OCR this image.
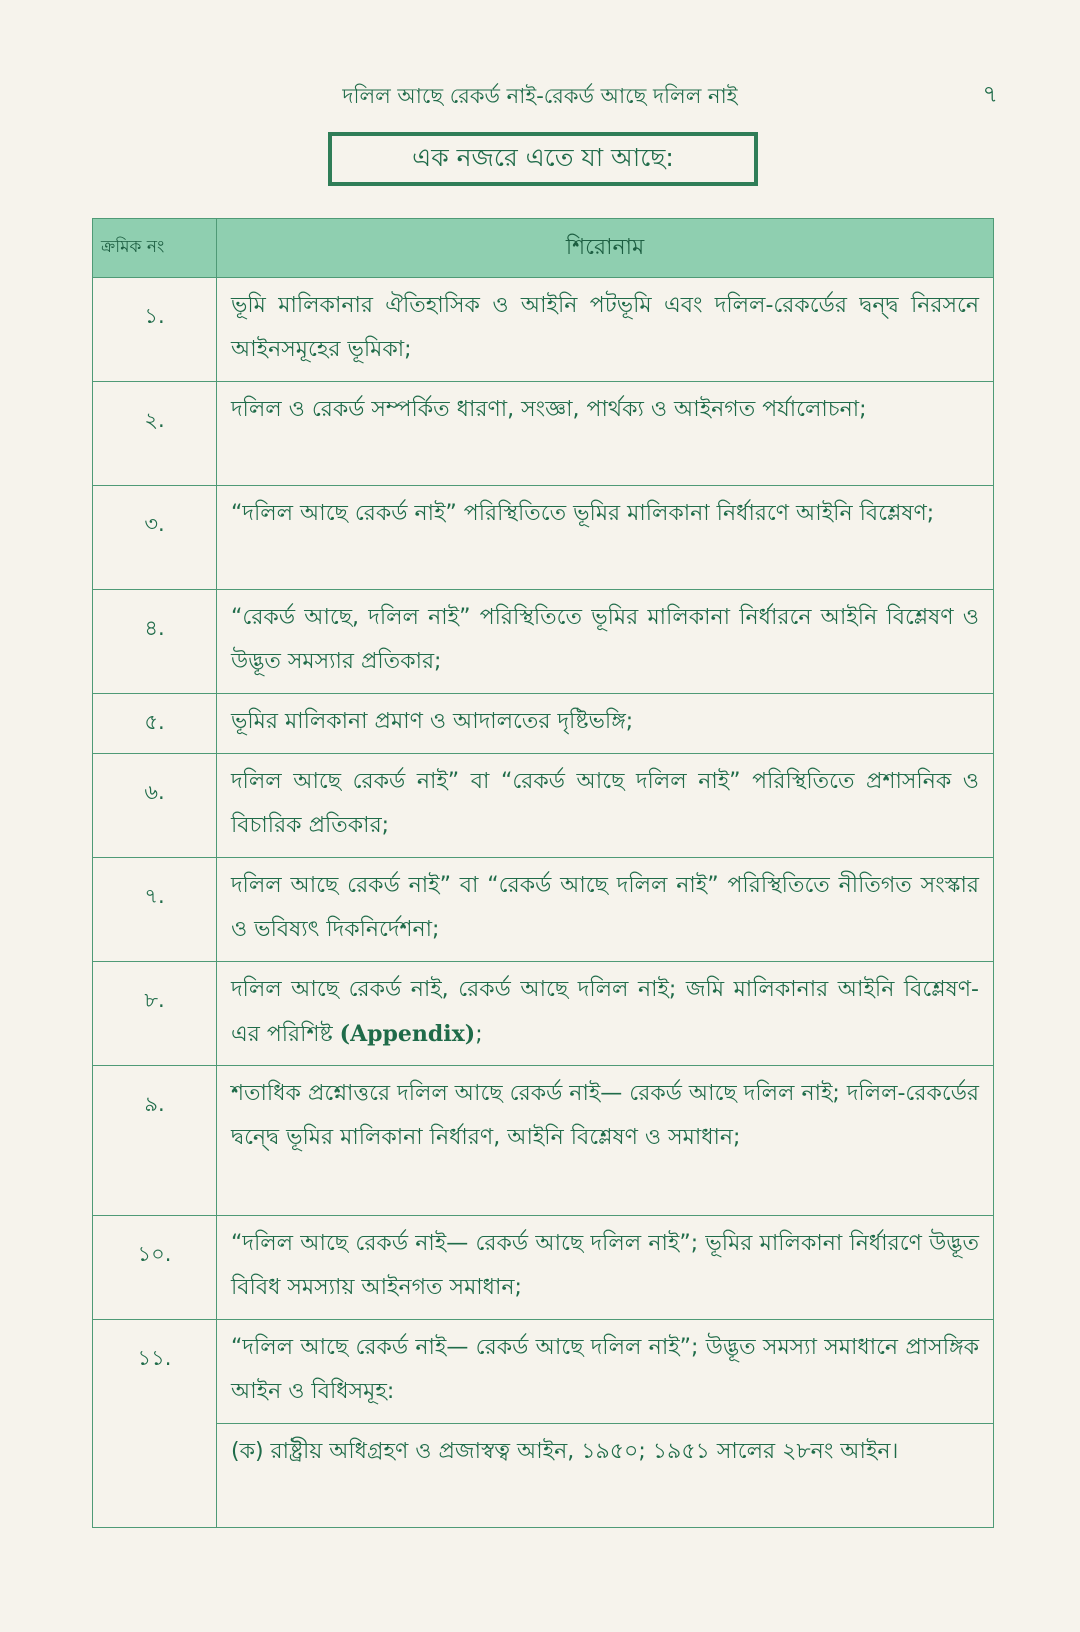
দলিল আছে রেকর্ড নাই-রেকর্ড আছে দলিল নাই	৭
এক নজরে এতে যা আছে:
ক্রমিক নং	শিরোনাম
১.	ভূমি মালিকানার ঐতিহাসিক ও আইনি পটভূমি এবং দলিল-রেকর্ডের দ্বন্দ্ব নিরসনে আইনসমূহের ভূমিকা;
২.	দলিল ও রেকর্ড সম্পর্কিত ধারণা, সংজ্ঞা, পার্থক্য ও আইনগত পর্যালোচনা;
৩.	“দলিল আছে রেকর্ড নাই” পরিস্থিতিতে ভূমির মালিকানা নির্ধারণে আইনি বিশ্লেষণ;
৪.	“রেকর্ড আছে, দলিল নাই” পরিস্থিতিতে ভূমির মালিকানা নির্ধারনে আইনি বিশ্লেষণ ও উদ্ভূত সমস্যার প্রতিকার;
৫.	ভূমির মালিকানা প্রমাণ ও আদালতের দৃষ্টিভঙ্গি;
৬.	দলিল আছে রেকর্ড নাই” বা “রেকর্ড আছে দলিল নাই” পরিস্থিতিতে প্রশাসনিক ও বিচারিক প্রতিকার;
৭.	দলিল আছে রেকর্ড নাই” বা “রেকর্ড আছে দলিল নাই” পরিস্থিতিতে নীতিগত সংস্কার ও ভবিষ্যৎ দিকনির্দেশনা;
৮.	দলিল আছে রেকর্ড নাই, রেকর্ড আছে দলিল নাই; জমি মালিকানার আইনি বিশ্লেষণ-এর পরিশিষ্ট (Appendix);
৯.	শতাধিক প্রশ্নোত্তরে দলিল আছে রেকর্ড নাই— রেকর্ড আছে দলিল নাই; দলিল-রেকর্ডের দ্বন্দ্বে ভূমির মালিকানা নির্ধারণ, আইনি বিশ্লেষণ ও সমাধান;
১০.	“দলিল আছে রেকর্ড নাই— রেকর্ড আছে দলিল নাই”; ভূমির মালিকানা নির্ধারণে উদ্ভূত বিবিধ সমস্যায় আইনগত সমাধান;
১১.	“দলিল আছে রেকর্ড নাই— রেকর্ড আছে দলিল নাই”; উদ্ভূত সমস্যা সমাধানে প্রাসঙ্গিক আইন ও বিধিসমূহ:
	(ক) রাষ্ট্রীয় অধিগ্রহণ ও প্রজাস্বত্ব আইন, ১৯৫০; ১৯৫১ সালের ২৮নং আইন।
